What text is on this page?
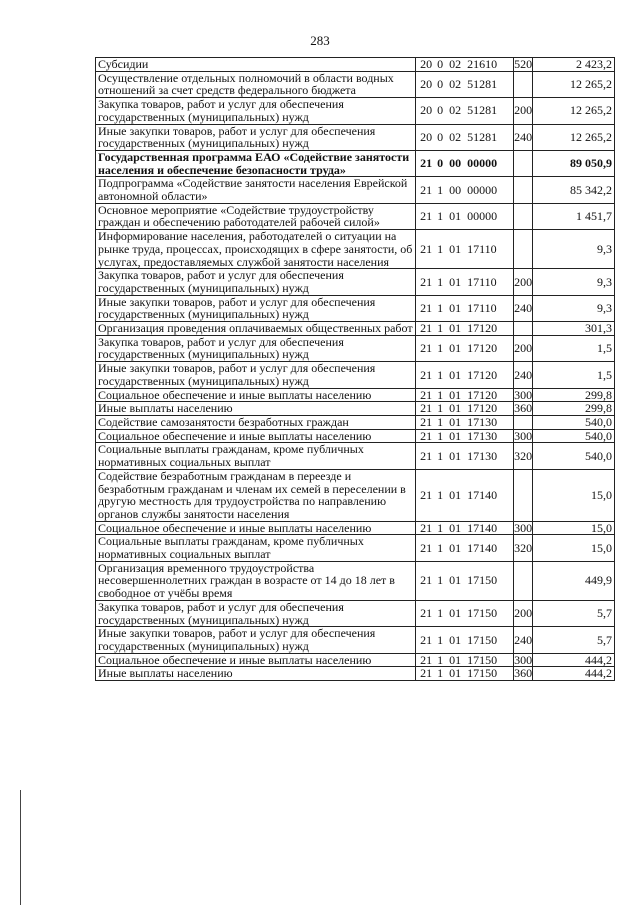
283
Субсидии	20 0 02 21610	520	2 423,2
Осуществление отдельных полномочий в области водных отношений за счет средств федерального бюджета	20 0 02 51281		12 265,2
Закупка товаров, работ и услуг для обеспечения государственных (муниципальных) нужд	20 0 02 51281	200	12 265,2
Иные закупки товаров, работ и услуг для обеспечения государственных (муниципальных) нужд	20 0 02 51281	240	12 265,2
Государственная программа ЕАО «Содействие занятости населения и обеспечение безопасности труда»	21 0 00 00000		89 050,9
Подпрограмма «Содействие занятости населения Еврейской автономной области»	21 1 00 00000		85 342,2
Основное мероприятие «Содействие трудоустройству граждан и обеспечению работодателей рабочей силой»	21 1 01 00000		1 451,7
Информирование населения, работодателей о ситуации на рынке труда, процессах, происходящих в сфере занятости, об услугах, предоставляемых службой занятости населения	21 1 01 17110		9,3
Закупка товаров, работ и услуг для обеспечения государственных (муниципальных) нужд	21 1 01 17110	200	9,3
Иные закупки товаров, работ и услуг для обеспечения государственных (муниципальных) нужд	21 1 01 17110	240	9,3
Организация проведения оплачиваемых общественных работ	21 1 01 17120		301,3
Закупка товаров, работ и услуг для обеспечения государственных (муниципальных) нужд	21 1 01 17120	200	1,5
Иные закупки товаров, работ и услуг для обеспечения государственных (муниципальных) нужд	21 1 01 17120	240	1,5
Социальное обеспечение и иные выплаты населению	21 1 01 17120	300	299,8
Иные выплаты населению	21 1 01 17120	360	299,8
Содействие самозанятости безработных граждан	21 1 01 17130		540,0
Социальное обеспечение и иные выплаты населению	21 1 01 17130	300	540,0
Социальные выплаты гражданам, кроме публичных нормативных социальных выплат	21 1 01 17130	320	540,0
Содействие безработным гражданам в переезде и безработным гражданам и членам их семей в переселении в другую местность для трудоустройства по направлению органов службы занятости населения	21 1 01 17140		15,0
Социальное обеспечение и иные выплаты населению	21 1 01 17140	300	15,0
Социальные выплаты гражданам, кроме публичных нормативных социальных выплат	21 1 01 17140	320	15,0
Организация временного трудоустройства несовершеннолетних граждан в возрасте от 14 до 18 лет в свободное от учёбы время	21 1 01 17150		449,9
Закупка товаров, работ и услуг для обеспечения государственных (муниципальных) нужд	21 1 01 17150	200	5,7
Иные закупки товаров, работ и услуг для обеспечения государственных (муниципальных) нужд	21 1 01 17150	240	5,7
Социальное обеспечение и иные выплаты населению	21 1 01 17150	300	444,2
Иные выплаты населению	21 1 01 17150	360	444,2
